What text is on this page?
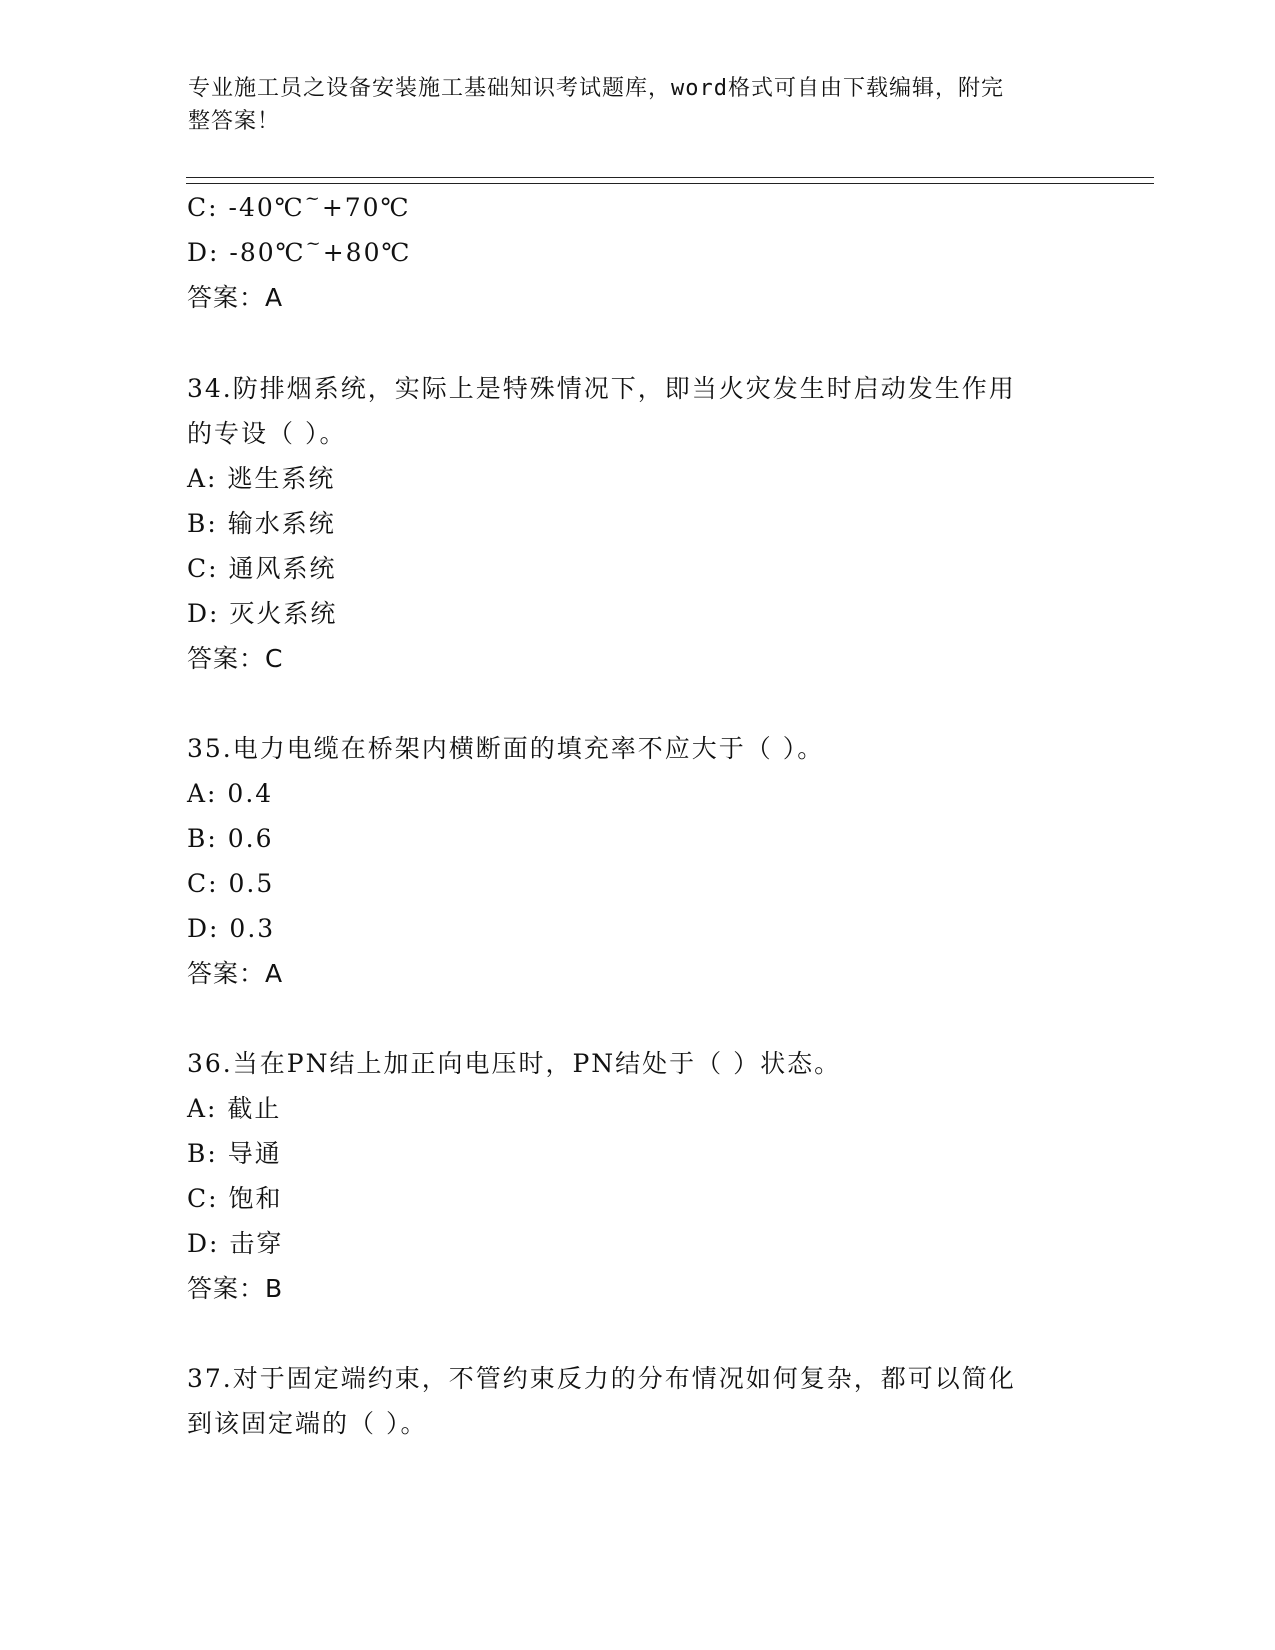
专业施工员之设备安装施工基础知识考试题库，word格式可自由下载编辑，附完
整答案！
C: -40℃~+70℃
D: -80℃~+80℃
答案：A
34.防排烟系统，实际上是特殊情况下，即当火灾发生时启动发生作用
的专设（ ）。
A: 逃生系统
B: 输水系统
C: 通风系统
D: 灭火系统
答案：C
35.电力电缆在桥架内横断面的填充率不应大于（ ）。
A: 0.4
B: 0.6
C: 0.5
D: 0.3
答案：A
36.当在PN结上加正向电压时，PN结处于（ ）状态。
A: 截止
B: 导通
C: 饱和
D: 击穿
答案：B
37.对于固定端约束，不管约束反力的分布情况如何复杂，都可以简化
到该固定端的（ ）。
